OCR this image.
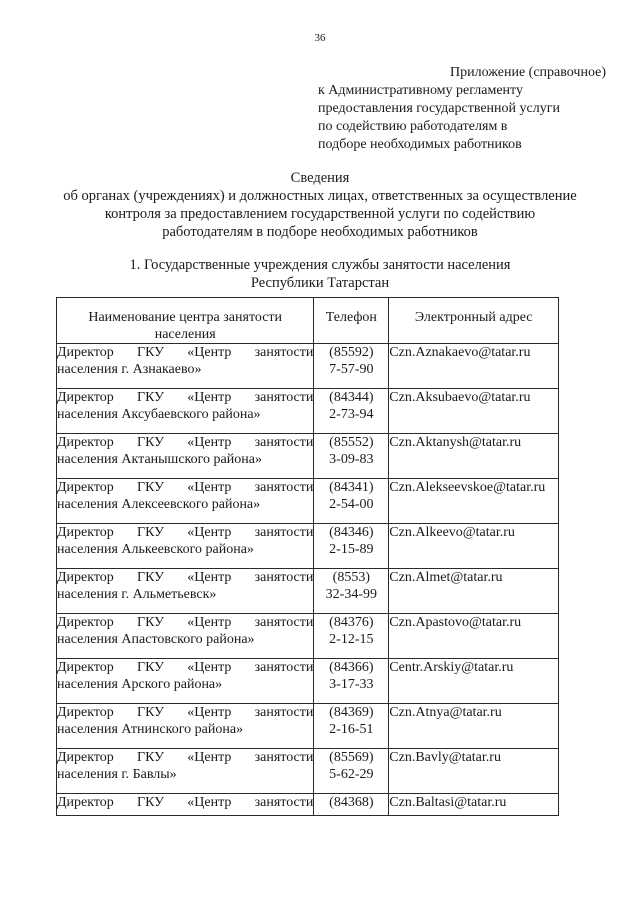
36
Приложение (справочное)
к Административному регламенту
предоставления государственной услуги
по содействию работодателям в
подборе необходимых работников
Сведения
об органах (учреждениях) и должностных лицах, ответственных за осуществление
контроля за предоставлением государственной услуги по содействию
работодателям в подборе необходимых работников
1. Государственные учреждения службы занятости населения
Республики Татарстан
Наименование центра занятости
населения	Телефон	Электронный адрес

Директор ГКУ «Центр занятости
населения г. Азнакаево»	(85592)
7-57-90	Czn.Aznakaevo@tatar.ru

Директор ГКУ «Центр занятости
населения Аксубаевского района»	(84344)
2-73-94	Czn.Aksubaevo@tatar.ru

Директор ГКУ «Центр занятости
населения Актанышского района»	(85552)
3-09-83	Czn.Aktanysh@tatar.ru

Директор ГКУ «Центр занятости
населения Алексеевского района»	(84341)
2-54-00	Czn.Alekseevskoe@tatar.ru

Директор ГКУ «Центр занятости
населения Алькеевского района»	(84346)
2-15-89	Czn.Alkeevo@tatar.ru

Директор ГКУ «Центр занятости
населения г. Альметьевск»	(8553)
32-34-99	Czn.Almet@tatar.ru

Директор ГКУ «Центр занятости
населения Апастовского района»	(84376)
2-12-15	Czn.Apastovo@tatar.ru

Директор ГКУ «Центр занятости
населения Арского района»	(84366)
3-17-33	Centr.Arskiy@tatar.ru

Директор ГКУ «Центр занятости
населения Атнинского района»	(84369)
2-16-51	Czn.Atnya@tatar.ru

Директор ГКУ «Центр занятости
населения г. Бавлы»	(85569)
5-62-29	Czn.Bavly@tatar.ru

Директор ГКУ «Центр занятости	(84368)	Czn.Baltasi@tatar.ru
